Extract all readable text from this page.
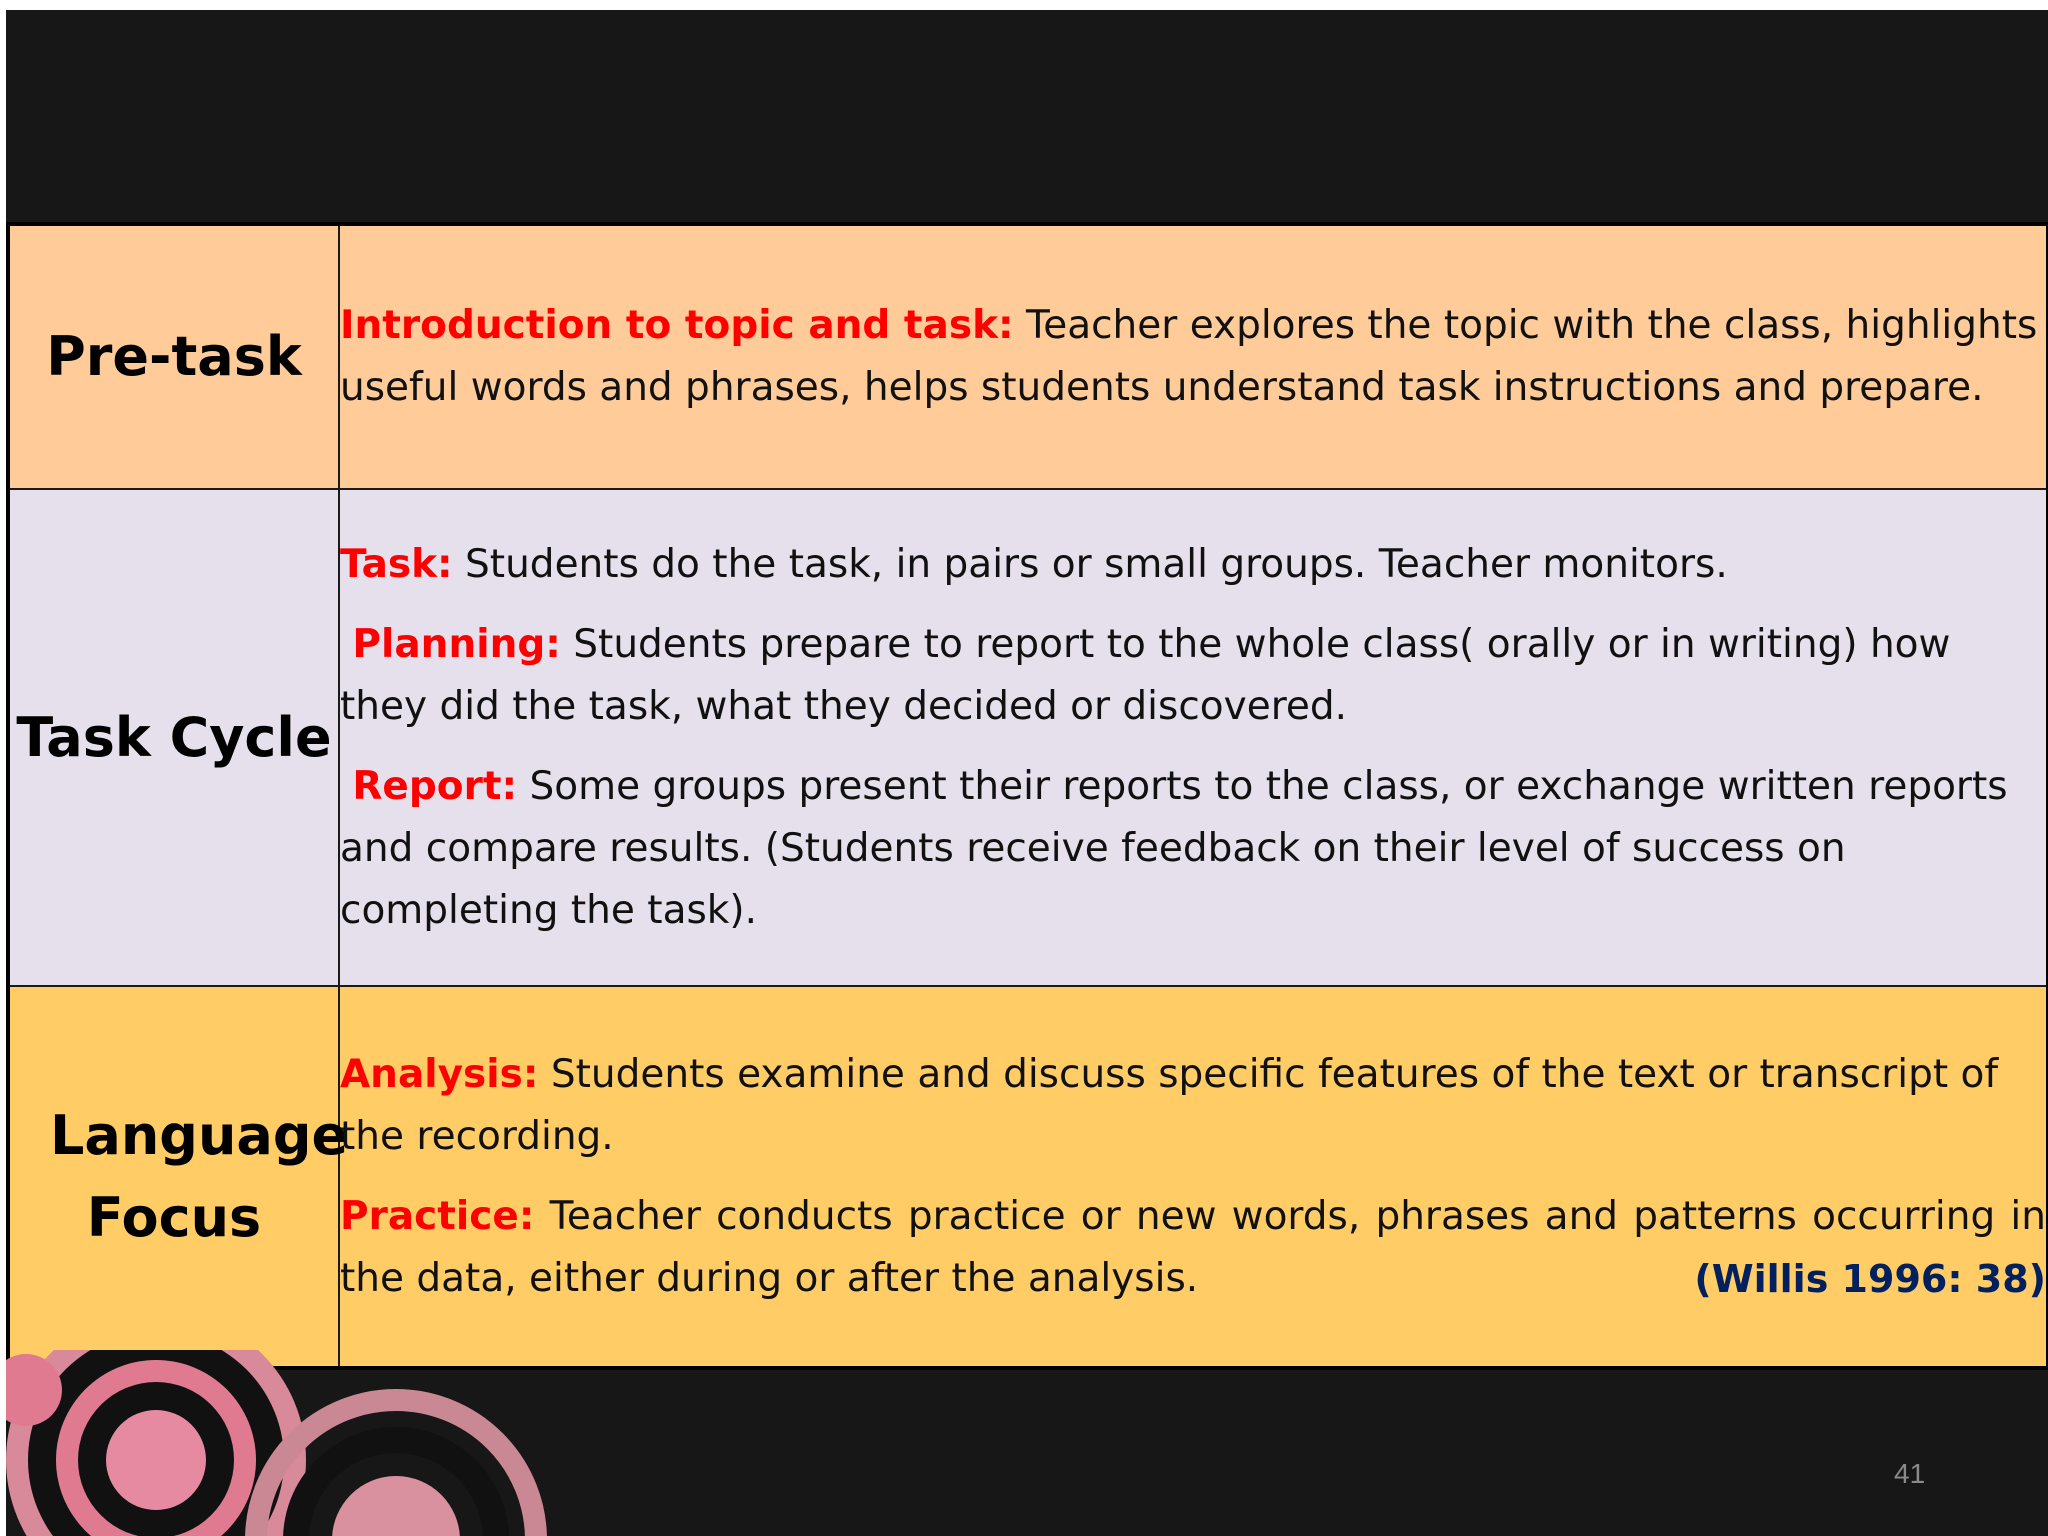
Pre-task	Introduction to topic and task: Teacher explores the topic with the class, highlights useful words and phrases, helps students understand task instructions and prepare.

Task Cycle	Task: Students do the task, in pairs or small groups. Teacher monitors.

Planning: Students prepare to report to the whole class( orally or in writing) how they did the task, what they decided or discovered.

Report: Some groups present their reports to the class, or exchange written reports and compare results. (Students receive feedback on their level of success on completing the task).

Language Focus	Analysis: Students examine and discuss specific features of the text or transcript of the recording.

Practice: Teacher conducts practice or new words, phrases and patterns occurring in the data, either during or after the analysis. (Willis 1996: 38)

41
